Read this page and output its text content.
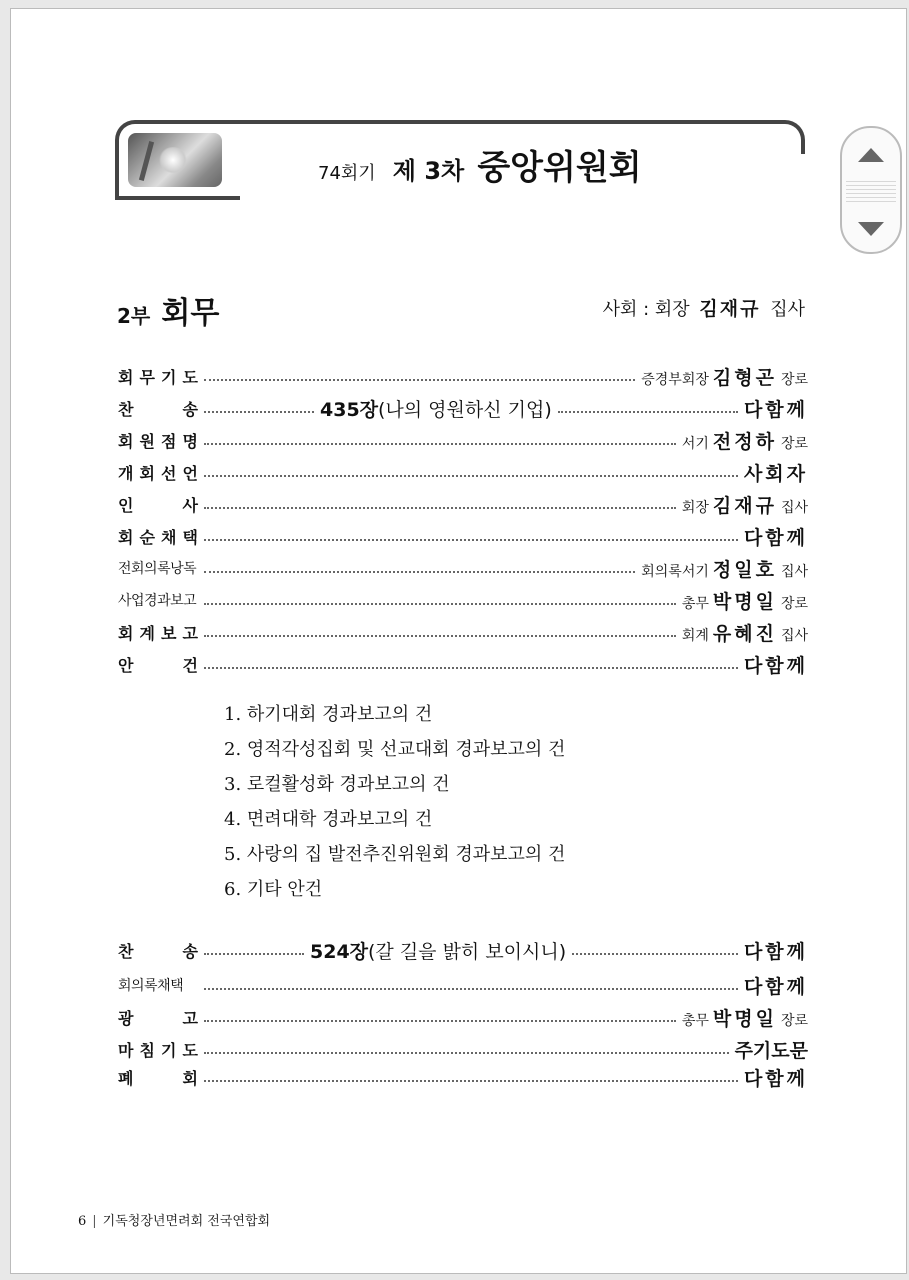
74회기 제 3차 중앙위원회
2부 회무	사회 : 회장 김재규 집사
회 무 기 도	증경부회장 김형곤 장로
찬	송	435장(나의 영원하신 기업)	다함께
회 원 점 명	서기 전정하 장로
개 회 선 언	사회자
인	사	회장 김재규 집사
회 순 채 택	다함께
전회의록낭독	회의록서기 정일호 집사
사업경과보고	총무 박명일 장로
회 계 보 고	회계 유혜진 집사
안	건	다함께
1. 하기대회 경과보고의 건
2. 영적각성집회 및 선교대회 경과보고의 건
3. 로컬활성화 경과보고의 건
4. 면려대학 경과보고의 건
5. 사랑의 집 발전추진위원회 경과보고의 건
6. 기타 안건
찬	송	524장(갈 길을 밝히 보이시니)	다함께
회의록채택	다함께
광	고	총무 박명일 장로
마 침 기 도	주기도문
폐	회	다함께
6 | 기독청장년면려회 전국연합회
